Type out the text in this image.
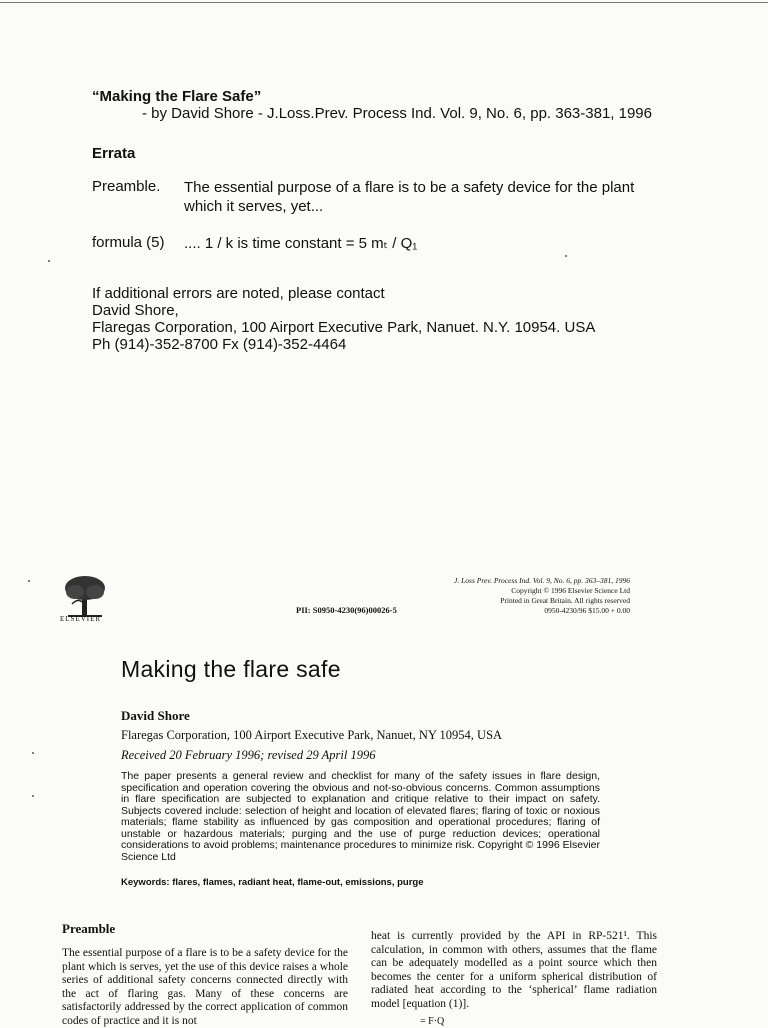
“Making the Flare Safe”
- by David Shore - J.Loss.Prev. Process Ind. Vol. 9, No. 6, pp. 363-381, 1996
Errata
Preamble. The essential purpose of a flare is to be a safety device for the plant
which it serves, yet...
formula (5) .... 1 / k is time constant = 5 mₜ / Q₁
If additional errors are noted, please contact
David Shore,
Flaregas Corporation, 100 Airport Executive Park, Nanuet. N.Y. 10954. USA
Ph (914)-352-8700 Fx (914)-352-4464
ELSEVIER
PII: S0950-4230(96)00026-5
J. Loss Prev. Process Ind. Vol. 9, No. 6, pp. 363–381, 1996
Copyright © 1996 Elsevier Science Ltd
Printed in Great Britain. All rights reserved
0950-4230/96 $15.00 + 0.00
Making the flare safe
David Shore
Flaregas Corporation, 100 Airport Executive Park, Nanuet, NY 10954, USA
Received 20 February 1996; revised 29 April 1996
The paper presents a general review and checklist for many of the safety issues in flare design, specification and operation covering the obvious and not-so-obvious concerns. Common assumptions in flare specification are subjected to explanation and critique relative to their impact on safety. Subjects covered include: selection of height and location of elevated flares; flaring of toxic or noxious materials; flame stability as influenced by gas composition and operational procedures; flaring of unstable or hazardous materials; purging and the use of purge reduction devices; operational considerations to avoid problems; maintenance procedures to minimize risk. Copyright © 1996 Elsevier Science Ltd
Keywords: flares, flames, radiant heat, flame-out, emissions, purge
Preamble
The essential purpose of a flare is to be a safety device for the plant which is serves, yet the use of this device raises a whole series of additional safety concerns connected directly with the act of flaring gas. Many of these concerns are satisfactorily addressed by the correct application of common codes of practice and it is not
heat is currently provided by the API in RP-521¹. This calculation, in common with others, assumes that the flame can be adequately modelled as a point source which then becomes the center for a uniform spherical distribution of radiated heat according to the ‘spherical’ flame radiation model [equation (1)].
= F·Q
